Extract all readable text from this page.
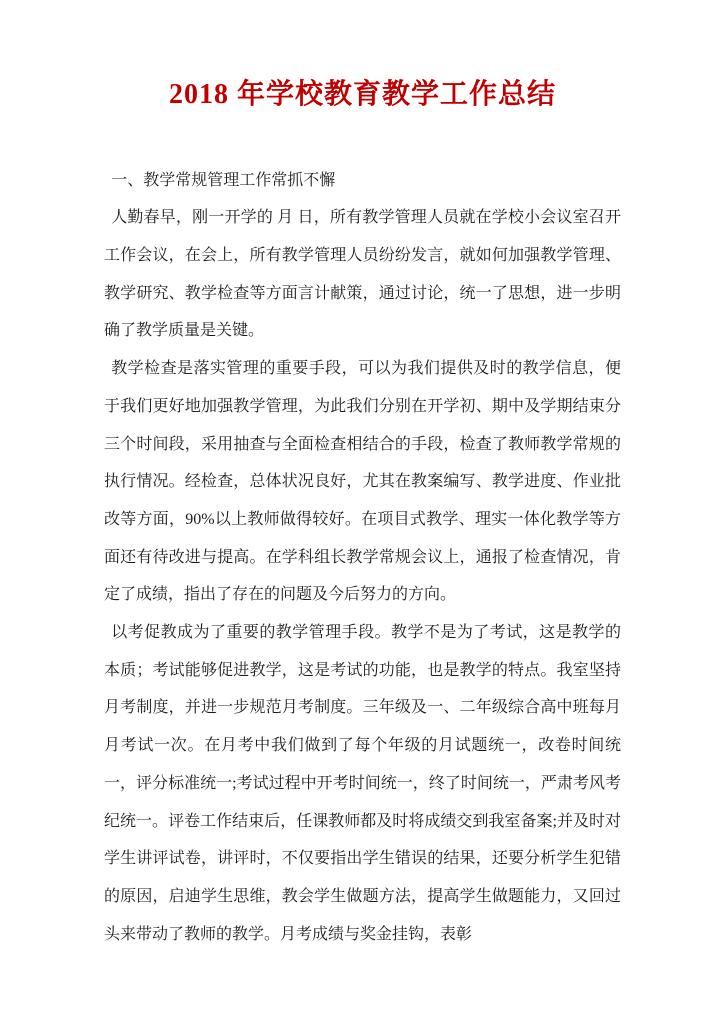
2018 年学校教育教学工作总结
一、教学常规管理工作常抓不懈

人勤春早，刚一开学的 月 日，所有教学管理人员就在学校小会议室召开工作会议，在会上，所有教学管理人员纷纷发言，就如何加强教学管理、教学研究、教学检查等方面言计献策，通过讨论，统一了思想，进一步明确了教学质量是关键。

教学检查是落实管理的重要手段，可以为我们提供及时的教学信息，便于我们更好地加强教学管理，为此我们分别在开学初、期中及学期结束分三个时间段，采用抽查与全面检查相结合的手段，检查了教师教学常规的执行情况。经检查，总体状况良好，尤其在教案编写、教学进度、作业批改等方面，90%以上教师做得较好。在项目式教学、理实一体化教学等方面还有待改进与提高。在学科组长教学常规会议上，通报了检查情况，肯定了成绩，指出了存在的问题及今后努力的方向。

以考促教成为了重要的教学管理手段。教学不是为了考试，这是教学的本质；考试能够促进教学，这是考试的功能，也是教学的特点。我室坚持月考制度，并进一步规范月考制度。三年级及一、二年级综合高中班每月月考试一次。在月考中我们做到了每个年级的月试题统一，改卷时间统一，评分标准统一;考试过程中开考时间统一，终了时间统一，严肃考风考纪统一。评卷工作结束后，任课教师都及时将成绩交到我室备案;并及时对学生讲评试卷，讲评时，不仅要指出学生错误的结果，还要分析学生犯错的原因，启迪学生思维，教会学生做题方法，提高学生做题能力，又回过头来带动了教师的教学。月考成绩与奖金挂钩，表彰
